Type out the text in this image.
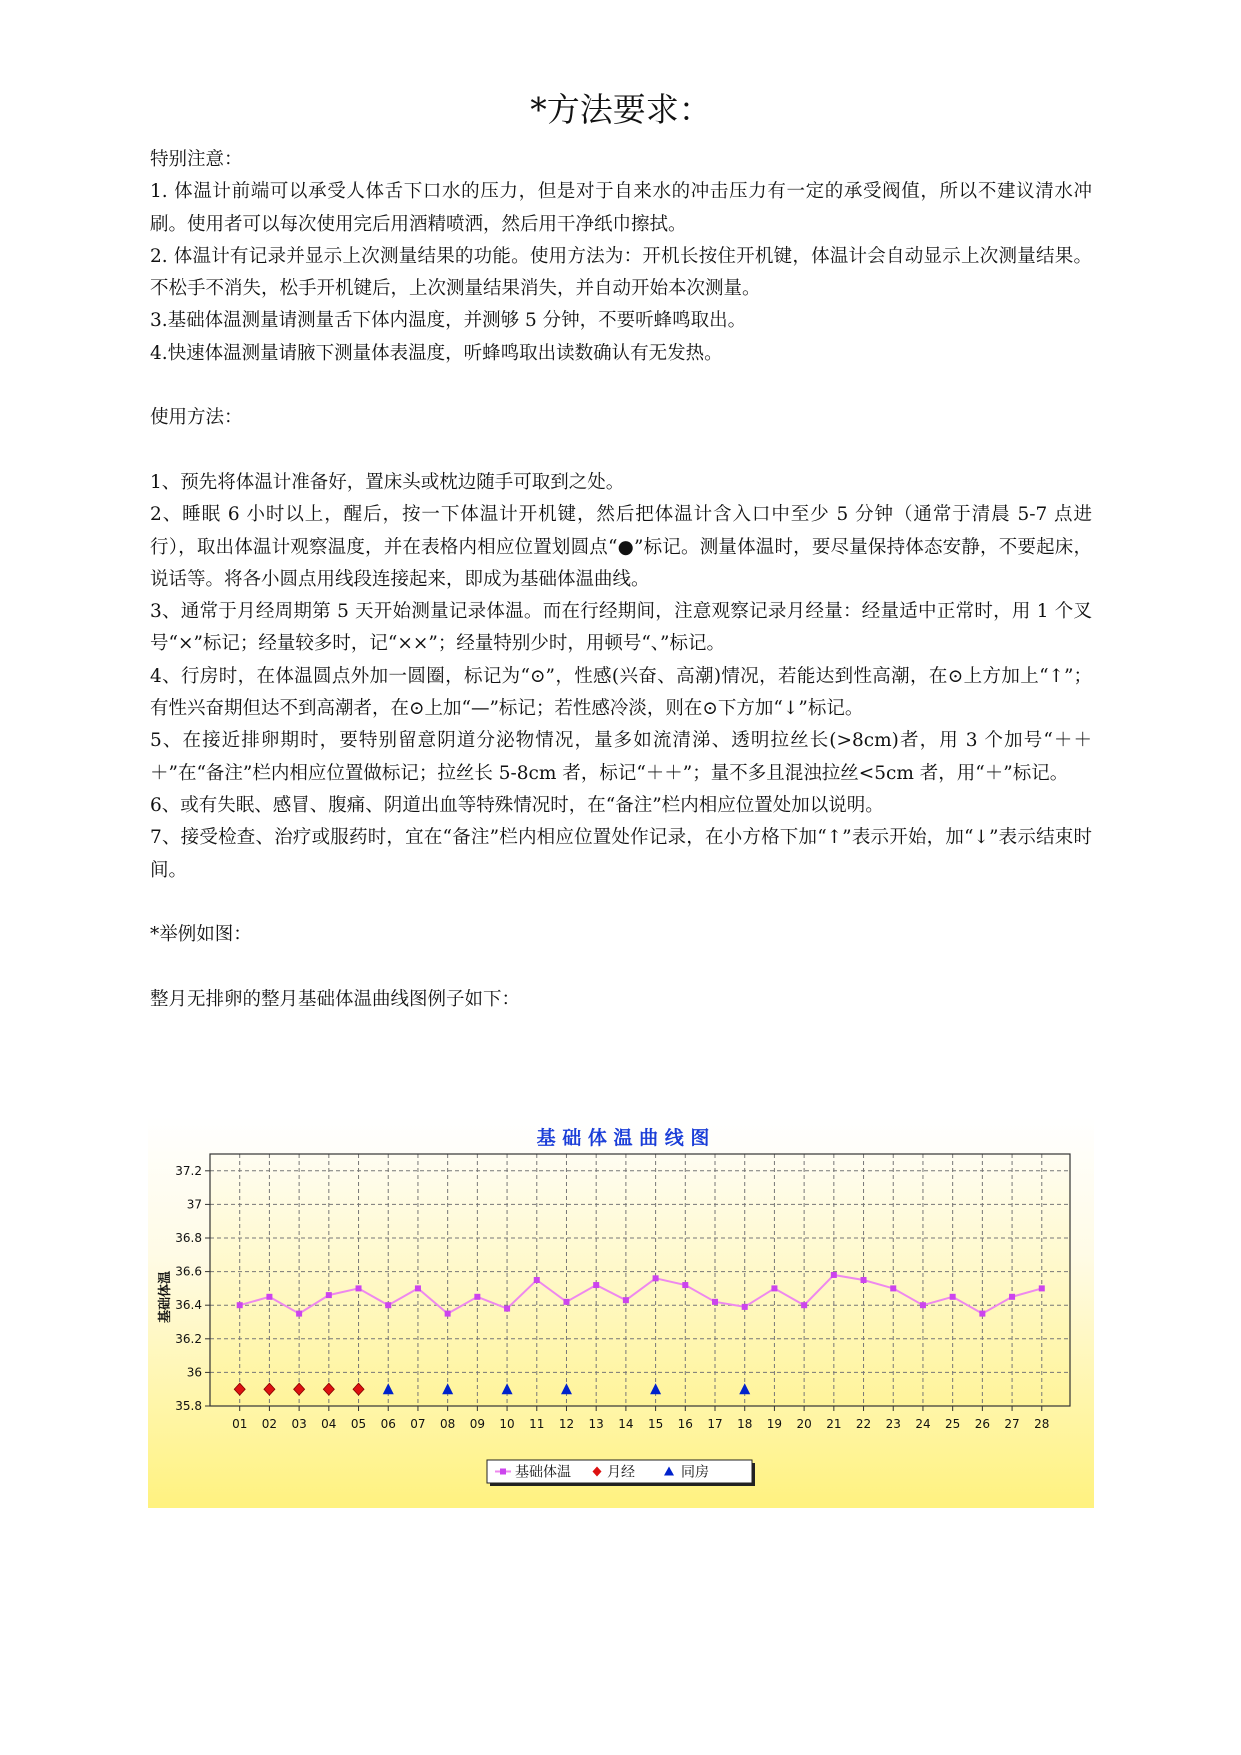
*方法要求：

特别注意：

1. 体温计前端可以承受人体舌下口水的压力，但是对于自来水的冲击压力有一定的承受阀值，所以不建议清水冲刷。使用者可以每次使用完后用酒精喷洒，然后用干净纸巾擦拭。

2. 体温计有记录并显示上次测量结果的功能。使用方法为：开机长按住开机键，体温计会自动显示上次测量结果。不松手不消失，松手开机键后，上次测量结果消失，并自动开始本次测量。

3.基础体温测量请测量舌下体内温度，并测够 5 分钟，不要听蜂鸣取出。

4.快速体温测量请腋下测量体表温度，听蜂鸣取出读数确认有无发热。

使用方法：

1、预先将体温计准备好，置床头或枕边随手可取到之处。

2、睡眠 6 小时以上，醒后，按一下体温计开机键，然后把体温计含入口中至少 5 分钟（通常于清晨 5-7 点进行），取出体温计观察温度，并在表格内相应位置划圆点“●”标记。测量体温时，要尽量保持体态安静，不要起床，说话等。将各小圆点用线段连接起来，即成为基础体温曲线。

3、通常于月经周期第 5 天开始测量记录体温。而在行经期间，注意观察记录月经量：经量适中正常时，用 1 个叉号“×”标记；经量较多时，记“××”；经量特别少时，用顿号“、”标记。

4、行房时，在体温圆点外加一圆圈，标记为“⊙”，性感(兴奋、高潮)情况，若能达到性高潮，在⊙上方加上“↑”；有性兴奋期但达不到高潮者，在⊙上加“—”标记；若性感冷淡，则在⊙下方加“↓”标记。

5、在接近排卵期时，要特别留意阴道分泌物情况，量多如流清涕、透明拉丝长(>8cm)者，用 3 个加号“＋＋＋”在“备注”栏内相应位置做标记；拉丝长 5-8cm 者，标记“＋＋”；量不多且混浊拉丝<5cm 者，用“＋”标记。

6、或有失眠、感冒、腹痛、阴道出血等特殊情况时，在“备注”栏内相应位置处加以说明。

7、接受检查、治疗或服药时，宜在“备注”栏内相应位置处作记录，在小方格下加“↑”表示开始，加“↓”表示结束时间。

*举例如图：

整月无排卵的整月基础体温曲线图例子如下：

基 础 体 温 曲 线 图
基础体温
35.8
36
36.2
36.4
36.6
36.8
37
37.2
01 02 03 04 05 06 07 08 09 10 11 12 13 14 15 16 17 18 19 20 21 22 23 24 25 26 27 28
基础体温	月经	同房
